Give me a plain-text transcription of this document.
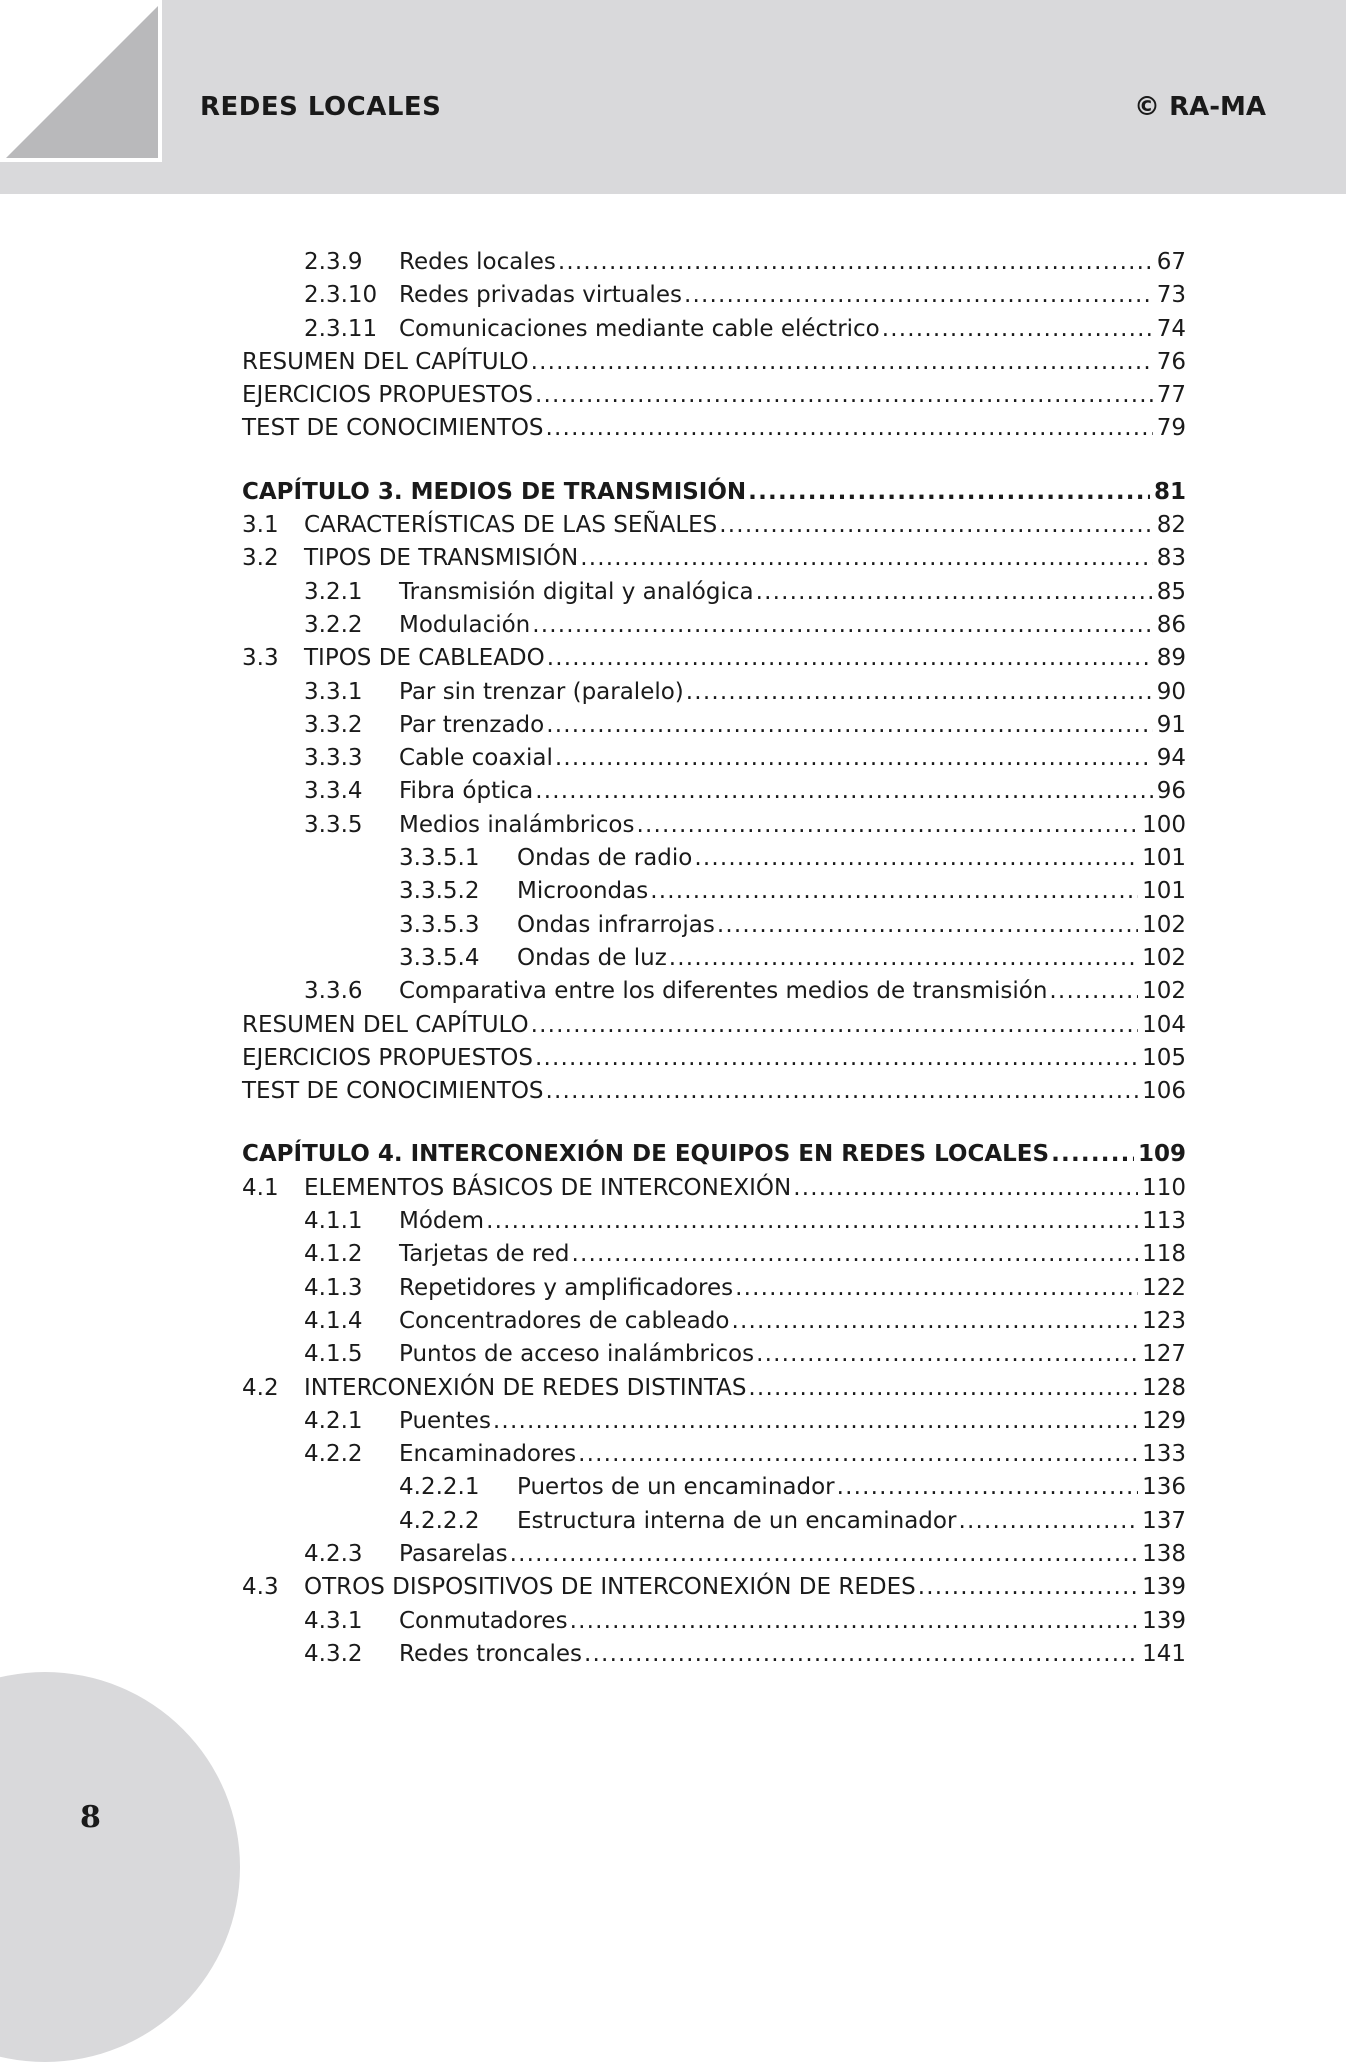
REDES LOCALES	© RA-MA
2.3.9	Redes locales .....	67
2.3.10 Redes privadas virtuales .....	73
2.3.11 Comunicaciones mediante cable eléctrico .....	74
RESUMEN DEL CAPÍTULO .....	76
EJERCICIOS PROPUESTOS .....	77
TEST DE CONOCIMIENTOS .....	79
CAPÍTULO 3. MEDIOS DE TRANSMISIÓN .....	81
3.1	CARACTERÍSTICAS DE LAS SEÑALES .....	82
3.2	TIPOS DE TRANSMISIÓN .....	83
3.2.1	Transmisión digital y analógica .....	85
3.2.2	Modulación .....	86
3.3	TIPOS DE CABLEADO .....	89
3.3.1	Par sin trenzar (paralelo) .....	90
3.3.2	Par trenzado .....	91
3.3.3	Cable coaxial .....	94
3.3.4	Fibra óptica .....	96
3.3.5	Medios inalámbricos .....	100
3.3.5.1	Ondas de radio .....	101
3.3.5.2	Microondas .....	101
3.3.5.3	Ondas infrarrojas .....	102
3.3.5.4	Ondas de luz .....	102
3.3.6	Comparativa entre los diferentes medios de transmisión .....	102
RESUMEN DEL CAPÍTULO .....	104
EJERCICIOS PROPUESTOS .....	105
TEST DE CONOCIMIENTOS .....	106
CAPÍTULO 4. INTERCONEXIÓN DE EQUIPOS EN REDES LOCALES .....	109
4.1	ELEMENTOS BÁSICOS DE INTERCONEXIÓN .....	110
4.1.1	Módem .....	113
4.1.2	Tarjetas de red .....	118
4.1.3	Repetidores y amplificadores .....	122
4.1.4	Concentradores de cableado .....	123
4.1.5	Puntos de acceso inalámbricos .....	127
4.2	INTERCONEXIÓN DE REDES DISTINTAS .....	128
4.2.1	Puentes .....	129
4.2.2	Encaminadores .....	133
4.2.2.1	Puertos de un encaminador .....	136
4.2.2.2	Estructura interna de un encaminador .....	137
4.2.3	Pasarelas .....	138
4.3	OTROS DISPOSITIVOS DE INTERCONEXIÓN DE REDES .....	139
4.3.1	Conmutadores .....	139
4.3.2	Redes troncales .....	141
8
